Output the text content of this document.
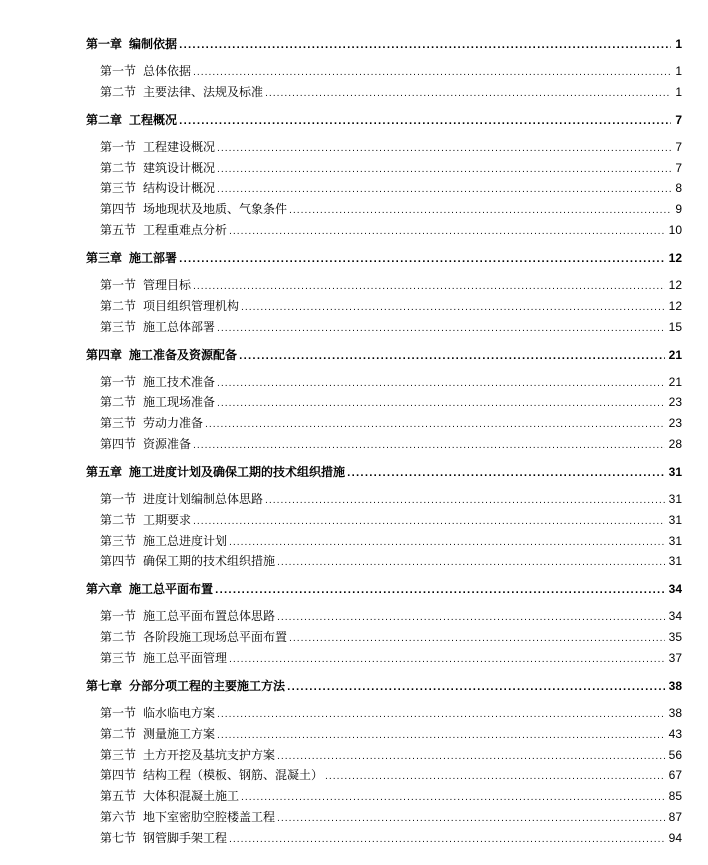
第一章 编制依据 .....	1
第一节 总体依据 .....	1
第二节 主要法律、法规及标准 .....	1
第二章 工程概况 .....	7
第一节 工程建设概况 .....	7
第二节 建筑设计概况 .....	7
第三节 结构设计概况 .....	8
第四节 场地现状及地质、气象条件 .....	9
第五节 工程重难点分析 .....	10
第三章 施工部署 .....	12
第一节 管理目标 .....	12
第二节 项目组织管理机构 .....	12
第三节 施工总体部署 .....	15
第四章 施工准备及资源配备 .....	21
第一节 施工技术准备 .....	21
第二节 施工现场准备 .....	23
第三节 劳动力准备 .....	23
第四节 资源准备 .....	28
第五章 施工进度计划及确保工期的技术组织措施 .....	31
第一节 进度计划编制总体思路 .....	31
第二节 工期要求 .....	31
第三节 施工总进度计划 .....	31
第四节 确保工期的技术组织措施 .....	31
第六章 施工总平面布置 .....	34
第一节 施工总平面布置总体思路 .....	34
第二节 各阶段施工现场总平面布置 .....	35
第三节 施工总平面管理 .....	37
第七章 分部分项工程的主要施工方法 .....	38
第一节 临水临电方案 .....	38
第二节 测量施工方案 .....	43
第三节 土方开挖及基坑支护方案 .....	56
第四节 结构工程（模板、钢筋、混凝土） .....	67
第五节 大体积混凝土施工 .....	85
第六节 地下室密肋空腔楼盖工程 .....	87
第七节 钢管脚手架工程 .....	94
